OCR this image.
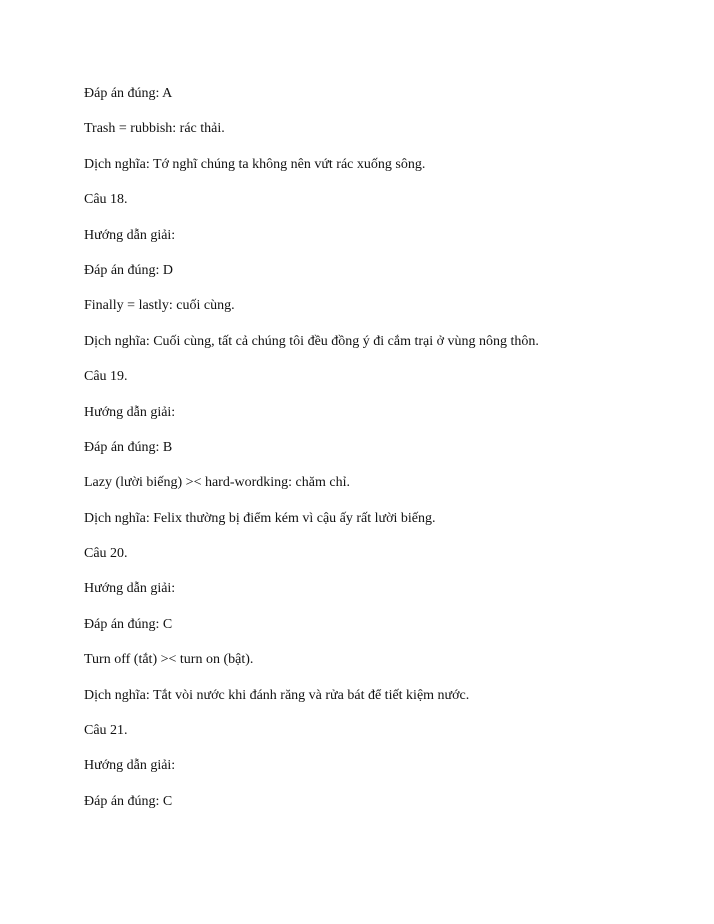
Đáp án đúng: A

Trash = rubbish: rác thải.

Dịch nghĩa: Tớ nghĩ chúng ta không nên vứt rác xuống sông.

Câu 18.

Hướng dẫn giải:

Đáp án đúng: D

Finally = lastly: cuối cùng.

Dịch nghĩa: Cuối cùng, tất cả chúng tôi đều đồng ý đi cắm trại ở vùng nông thôn.

Câu 19.

Hướng dẫn giải:

Đáp án đúng: B

Lazy (lười biếng) >< hard-wordking: chăm chỉ.

Dịch nghĩa: Felix thường bị điểm kém vì cậu ấy rất lười biếng.

Câu 20.

Hướng dẫn giải:

Đáp án đúng: C

Turn off (tắt) >< turn on (bật).

Dịch nghĩa: Tắt vòi nước khi đánh răng và rửa bát để tiết kiệm nước.

Câu 21.

Hướng dẫn giải:

Đáp án đúng: C
